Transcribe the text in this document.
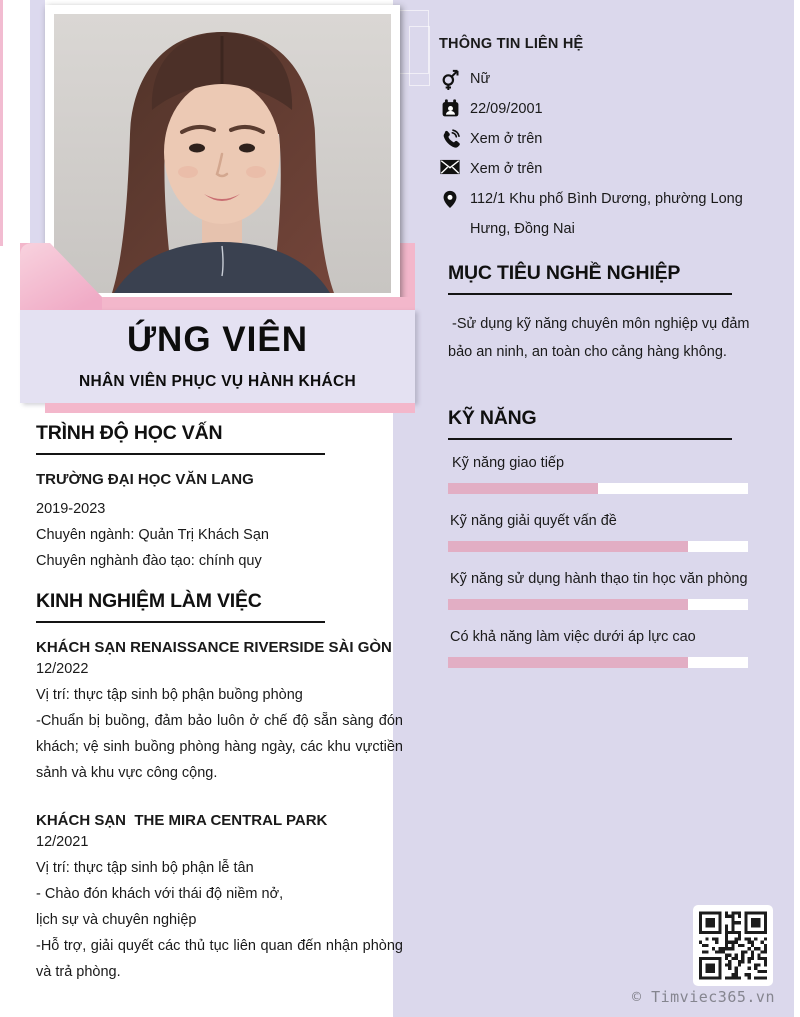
THÔNG TIN LIÊN HỆ
Nữ
22/09/2001
Xem ở trên
Xem ở trên
112/1 Khu phố Bình Dương, phường Long Hưng, Đồng Nai
MỤC TIÊU NGHỀ NGHIỆP

-Sử dụng kỹ năng chuyên môn nghiệp vụ đảm bảo an ninh, an toàn cho cảng hàng không.

KỸ NĂNG
Kỹ năng giao tiếp
Kỹ năng giải quyết vấn đề
Kỹ năng sử dụng hành thạo tin học văn phòng
Có khả năng làm việc dưới áp lực cao
© Timviec365.vn
ỨNG VIÊN
NHÂN VIÊN PHỤC VỤ HÀNH KHÁCH
TRÌNH ĐỘ HỌC VẤN
TRƯỜNG ĐẠI HỌC VĂN LANG
2019-2023
Chuyên ngành: Quản Trị Khách Sạn
Chuyên nghành đào tạo: chính quy
KINH NGHIỆM LÀM VIỆC
KHÁCH SẠN RENAISSANCE RIVERSIDE SÀI GÒN
12/2022
Vị trí: thực tập sinh bộ phận buồng phòng

-Chuẩn bị buồng, đảm bảo luôn ở chế độ sẵn sàng đón khách; vệ sinh buồng phòng hàng ngày, các khu vựctiền sảnh và khu vực công cộng.

KHÁCH SẠN  THE MIRA CENTRAL PARK
12/2021
Vị trí: thực tập sinh bộ phận lễ tân
- Chào đón khách với thái độ niềm nở,
lịch sự và chuyên nghiệp

-Hỗ trợ, giải quyết các thủ tục liên quan đến nhận phòng và trả phòng.
